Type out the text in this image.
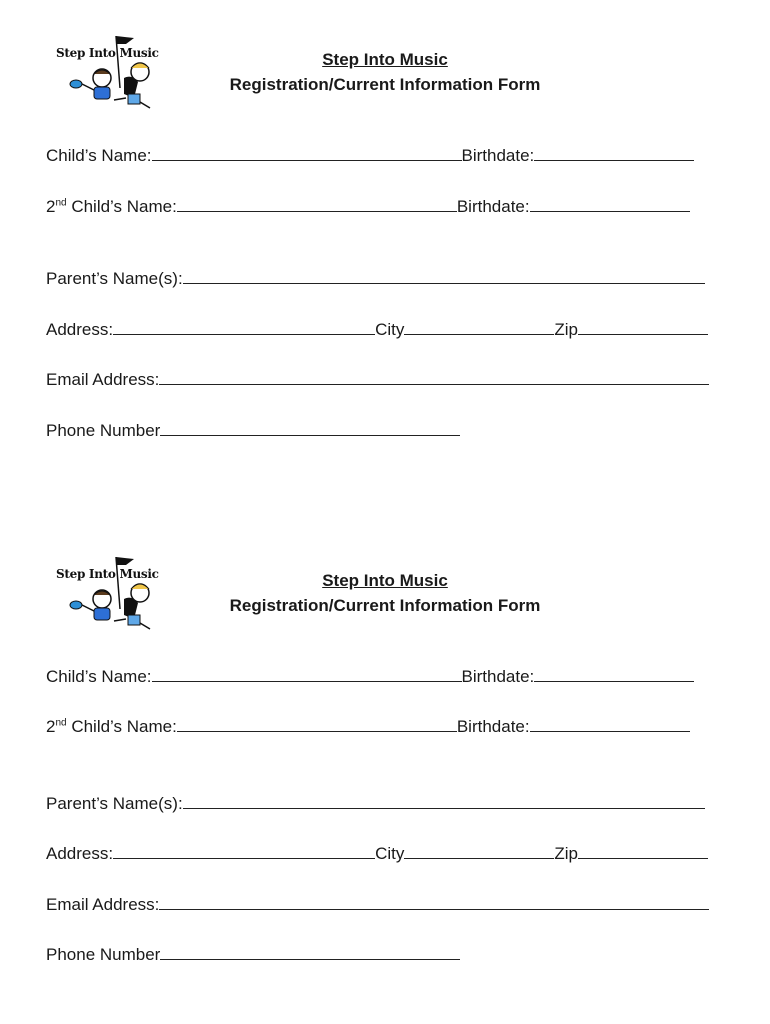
Step Into Music	Step Into Music
Registration/Current Information Form
Child’s Name:	Birthdate:
2nd Child’s Name:	Birthdate:
Parent’s Name(s):
Address:	City	Zip
Email Address:
Phone Number
Step Into Music	Step Into Music
Registration/Current Information Form
Child’s Name:	Birthdate:
2nd Child’s Name:	Birthdate:
Parent’s Name(s):
Address:	City	Zip
Email Address:
Phone Number
